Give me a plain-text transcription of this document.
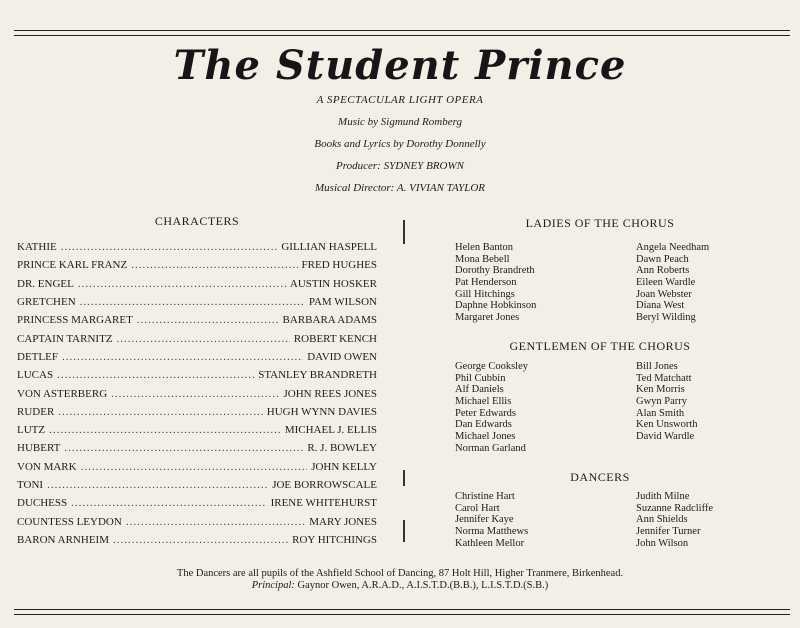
The Student Prince
A SPECTACULAR LIGHT OPERA
Music by Sigmund Romberg
Books and Lyrics by Dorothy Donnelly
Producer: SYDNEY BROWN
Musical Director: A. VIVIAN TAYLOR
CHARACTERS
KATHIE .....	GILLIAN HASPELL
PRINCE KARL FRANZ .....	FRED HUGHES
DR. ENGEL .....	AUSTIN HOSKER
GRETCHEN .....	PAM WILSON
PRINCESS MARGARET .....	BARBARA ADAMS
CAPTAIN TARNITZ .....	ROBERT KENCH
DETLEF .....	DAVID OWEN
LUCAS .....	STANLEY BRANDRETH
VON ASTERBERG .....	JOHN REES JONES
RUDER .....	HUGH WYNN DAVIES
LUTZ .....	MICHAEL J. ELLIS
HUBERT .....	R. J. BOWLEY
VON MARK .....	JOHN KELLY
TONI .....	JOE BORROWSCALE
DUCHESS .....	IRENE WHITEHURST
COUNTESS LEYDON .....	MARY JONES
BARON ARNHEIM .....	ROY HITCHINGS
LADIES OF THE CHORUS
Helen Banton
Mona Bebell
Dorothy Brandreth
Pat Henderson
Gill Hitchings
Daphne Hobkinson
Margaret Jones
Angela Needham
Dawn Peach
Ann Roberts
Eileen Wardle
Joan Webster
Diana West
Beryl Wilding
GENTLEMEN OF THE CHORUS
George Cooksley
Phil Cubbin
Alf Daniels
Michael Ellis
Peter Edwards
Dan Edwards
Michael Jones
Norman Garland
Bill Jones
Ted Matchatt
Ken Morris
Gwyn Parry
Alan Smith
Ken Unsworth
David Wardle
DANCERS
Christine Hart
Carol Hart
Jennifer Kaye
Norma Matthews
Kathleen Mellor
Judith Milne
Suzanne Radcliffe
Ann Shields
Jennifer Turner
John Wilson
The Dancers are all pupils of the Ashfield School of Dancing, 87 Holt Hill, Higher Tranmere, Birkenhead.
Principal: Gaynor Owen, A.R.A.D., A.I.S.T.D.(B.B.), L.I.S.T.D.(S.B.)
